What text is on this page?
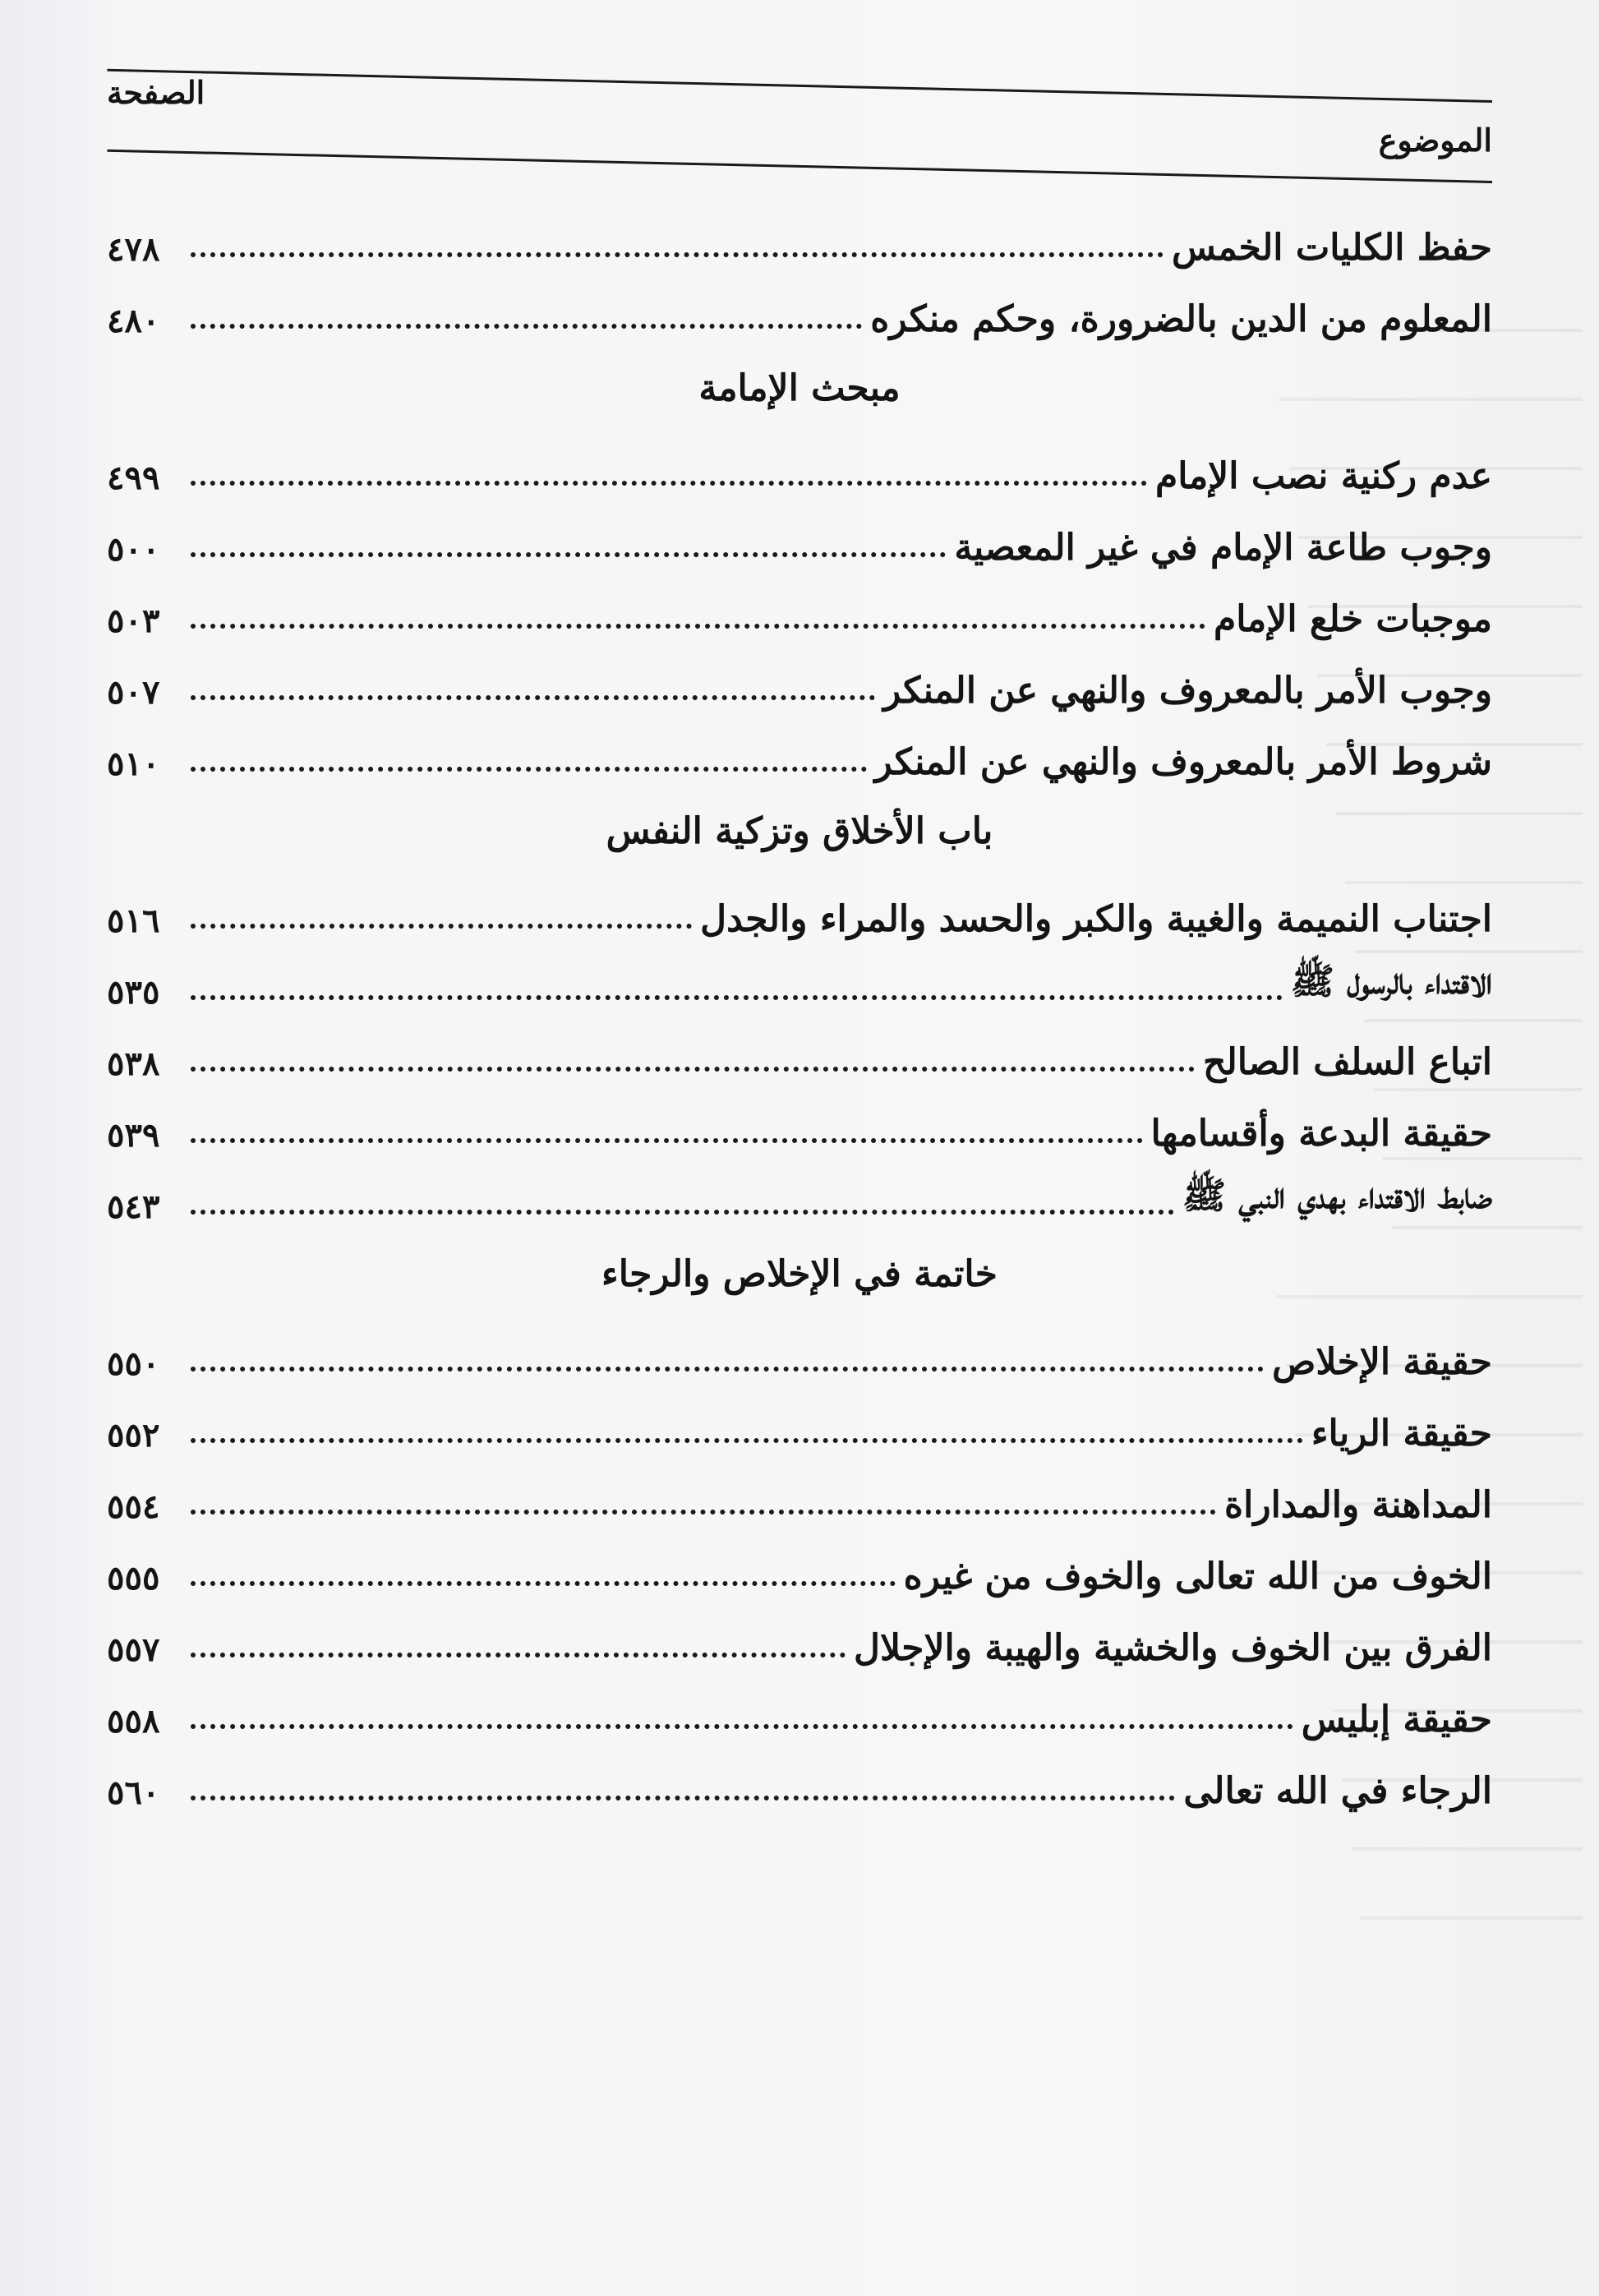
الصفحة
الموضوع
حفظ الكليات الخمس
٤٧٨
المعلوم من الدين بالضرورة، وحكم منكره
٤٨٠
مبحث الإمامة
عدم ركنية نصب الإمام
٤٩٩
وجوب طاعة الإمام في غير المعصية
٥٠٠
موجبات خلع الإمام
٥٠٣
وجوب الأمر بالمعروف والنهي عن المنكر
٥٠٧
شروط الأمر بالمعروف والنهي عن المنكر
٥١٠
باب الأخلاق وتزكية النفس
اجتناب النميمة والغيبة والكبر والحسد والمراء والجدل
٥١٦
الاقتداء بالرسول ﷺ
٥٣٥
اتباع السلف الصالح
٥٣٨
حقيقة البدعة وأقسامها
٥٣٩
ضابط الاقتداء بهدي النبي ﷺ
٥٤٣
خاتمة في الإخلاص والرجاء
حقيقة الإخلاص
٥٥٠
حقيقة الرياء
٥٥٢
المداهنة والمداراة
٥٥٤
الخوف من الله تعالى والخوف من غيره
٥٥٥
الفرق بين الخوف والخشية والهيبة والإجلال
٥٥٧
حقيقة إبليس
٥٥٨
الرجاء في الله تعالى
٥٦٠
